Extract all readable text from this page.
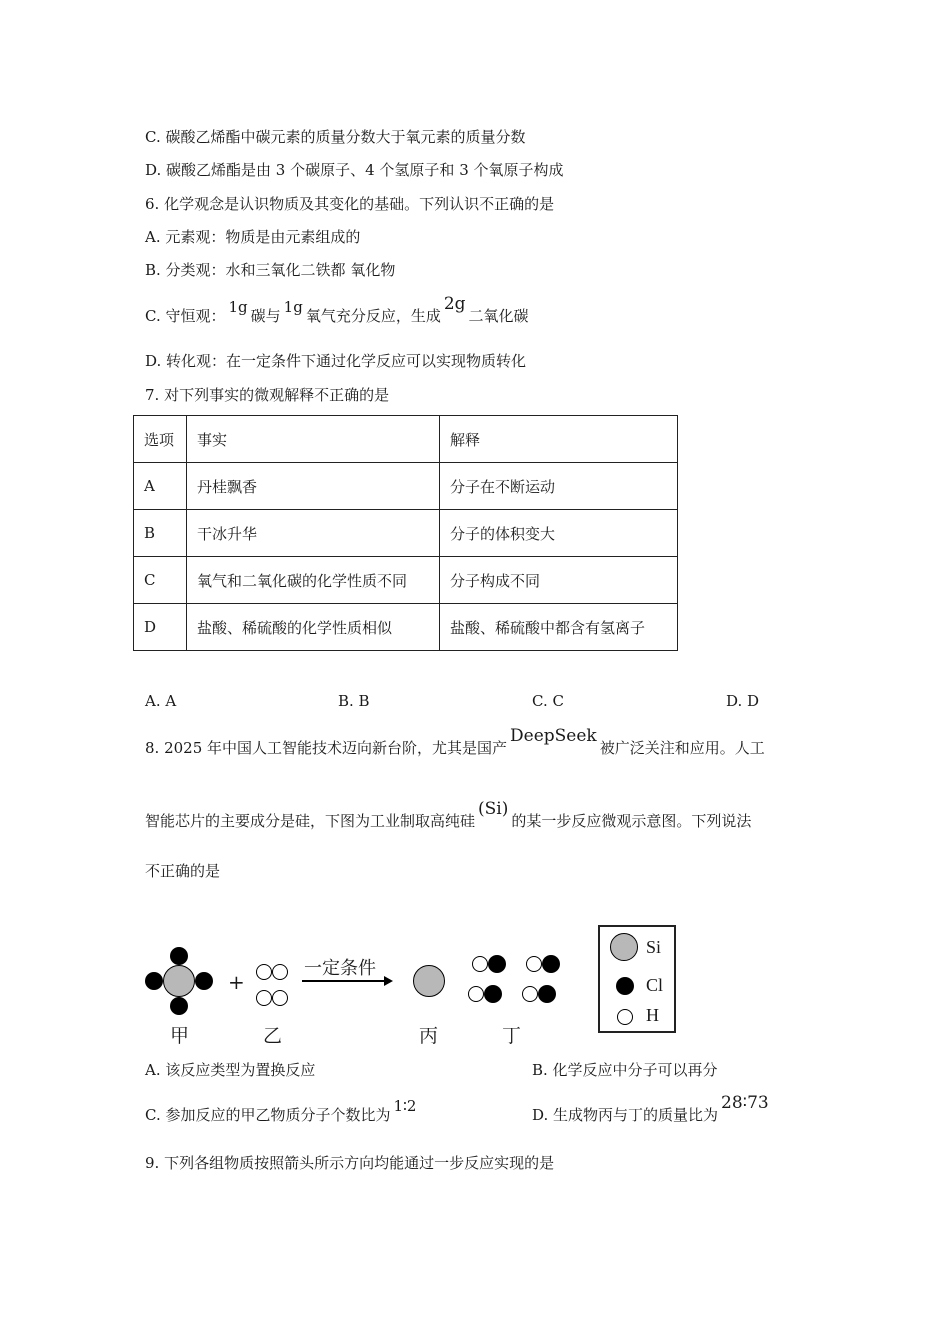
C. 碳酸乙烯酯中碳元素的质量分数大于氧元素的质量分数
D. 碳酸乙烯酯是由 3 个碳原子、4 个氢原子和 3 个氧原子构成
6. 化学观念是认识物质及其变化的基础。下列认识不正确的是
A. 元素观：物质是由元素组成的
B. 分类观：水和三氧化二铁都 氧化物
C. 守恒观： 1g 碳与 1g 氧气充分反应，生成2g二氧化碳
D. 转化观：在一定条件下通过化学反应可以实现物质转化
7. 对下列事实的微观解释不正确的是
选项	事实	解释
A	丹桂飘香	分子在不断运动
B	干冰升华	分子的体积变大
C	氧气和二氧化碳的化学性质不同	分子构成不同
D	盐酸、稀硫酸的化学性质相似	盐酸、稀硫酸中都含有氢离子
A. A	B. B	C. C	D. D
8. 2025 年中国人工智能技术迈向新台阶，尤其是国产DeepSeek被广泛关注和应用。人工
智能芯片的主要成分是硅，下图为工业制取高纯硅(Si)的某一步反应微观示意图。下列说法
不正确的是
+
一定条件
甲	乙	丙	丁
Si
Cl
H
A. 该反应类型为置换反应	B. 化学反应中分子可以再分
C. 参加反应的甲乙物质分子个数比为 1∶2	D. 生成物丙与丁的质量比为28∶73
9. 下列各组物质按照箭头所示方向均能通过一步反应实现的是
